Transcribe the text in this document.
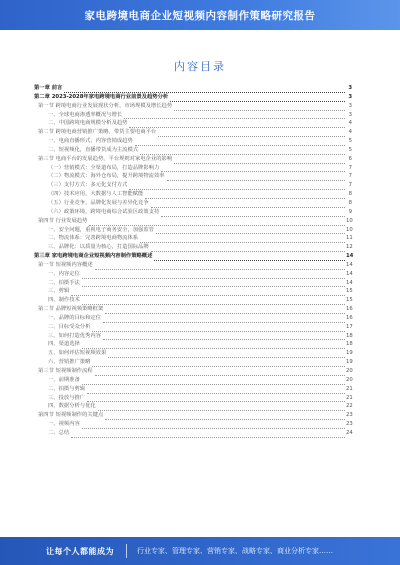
家电跨境电商企业短视频内容制作策略研究报告
内容目录
第一章 前言	3
第二章 2023-2028年家电跨境电商行业前景及趋势分析	3
第一节 跨境电商行业发展现状分析，市场规模及增长趋势	3
一、全球电商渗透率概况与增长	3
二、中国跨境电商规模分析及趋势	4
第二节 跨境电商营销推广策略，带货主要电商平台	4
一、电商直播形式，内容营销成趋势	5
二、短视频化，直播带货成为主流模式	5
第三节 电商平台的发展趋势，平台规则对家电企业的影响	6
（一）营销模式：全渠道布局，打造品牌影响力	7
（二）物流模式：海外仓布局，提升跨境物流效率	7
（三）支付方式：多元化支付方式	7
（四）技术应用，大数据与人工智能赋能	8
（五）行业竞争，品牌化发展与差异化竞争	8
（六）政策环境，跨境电商综合试验区政策支持	9
第四节 行业发展趋势	10
一、安全问题，重视电子商务安全，加强监管	10
二、物流体系：完善跨境电商物流体系	11
三、品牌化：以质量为核心，打造国际品牌	12
第三章 家电跨境电商企业短视频内容制作策略概述	14
第一节 短视频内容概述	14
一、内容定位	14
二、拍摄手法	14
三、剪辑	15
四、制作技术	15
第二节 品牌短视频策略框架	16
一、品牌的目标和定位	16
二、目标受众分析	17
三、如何打造优秀内容	18
四、渠道选择	18
五、如何评估短视频效果	19
六、营销推广策略	19
第三节 短视频制作流程	20
一、前期准备	20
二、拍摄与剪辑	21
三、投放与推广	21
四、数据分析与优化	22
第四节 短视频制作的关键点	23
一、视频内容	23
二、总结	24
让每个人都能成为	行业专家、管理专家、营销专家、战略专家、商业分析专家……
